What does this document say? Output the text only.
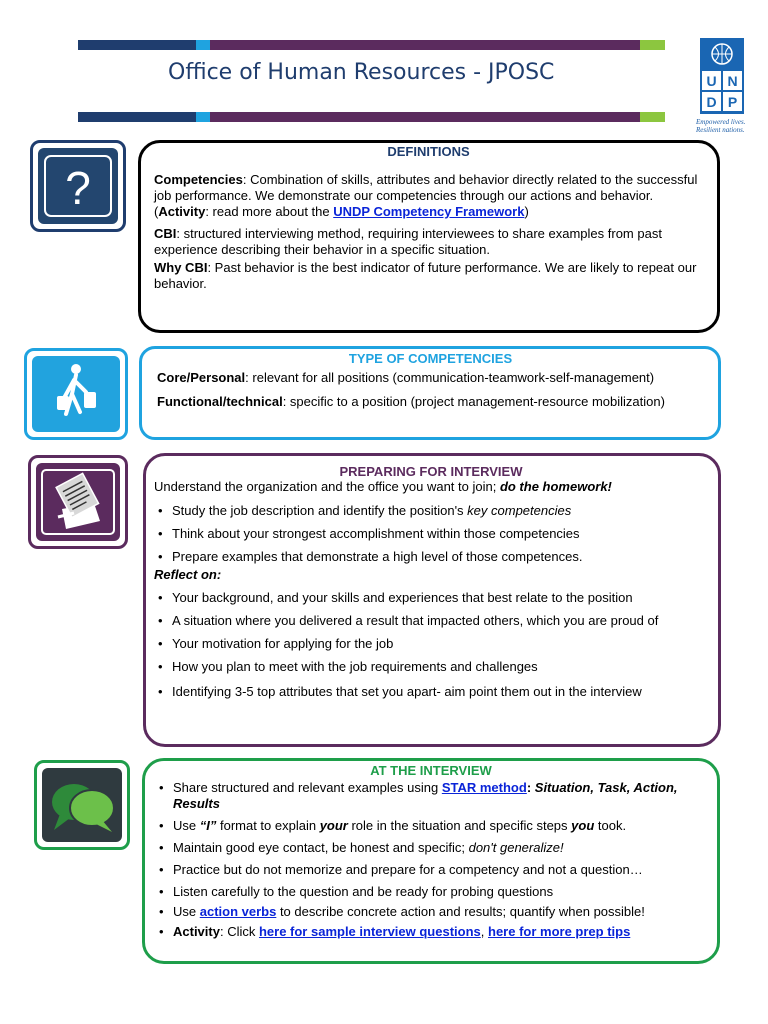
Office of Human Resources - JPOSC	U N
D P
Empowered lives. Resilient nations.
?
DEFINITIONS

Competencies: Combination of skills, attributes and behavior directly related to the successful job performance. We demonstrate our competencies through our actions and behavior. (Activity: read more about the UNDP Competency Framework)

CBI: structured interviewing method, requiring interviewees to share examples from past experience describing their behavior in a specific situation.

Why CBI: Past behavior is the best indicator of future performance. We are likely to repeat our behavior.

TYPE OF COMPETENCIES

Core/Personal: relevant for all positions (communication-teamwork-self-management)

Functional/technical: specific to a position (project management-resource mobilization)

PREPARING FOR INTERVIEW

Understand the organization and the office you want to join; do the homework!

• Study the job description and identify the position's key competencies
• Think about your strongest accomplishment within those competencies
• Prepare examples that demonstrate a high level of those competences.

Reflect on:

• Your background, and your skills and experiences that best relate to the position
• A situation where you delivered a result that impacted others, which you are proud of
• Your motivation for applying for the job
• How you plan to meet with the job requirements and challenges
• Identifying 3-5 top attributes that set you apart- aim point them out in the interview
AT THE INTERVIEW
• Share structured and relevant examples using STAR method: Situation, Task, Action, Results
• Use “I” format to explain your role in the situation and specific steps you took.
• Maintain good eye contact, be honest and specific; don't generalize!
• Practice but do not memorize and prepare for a competency and not a question…
• Listen carefully to the question and be ready for probing questions
• Use action verbs to describe concrete action and results; quantify when possible!
• Activity: Click here for sample interview questions, here for more prep tips
